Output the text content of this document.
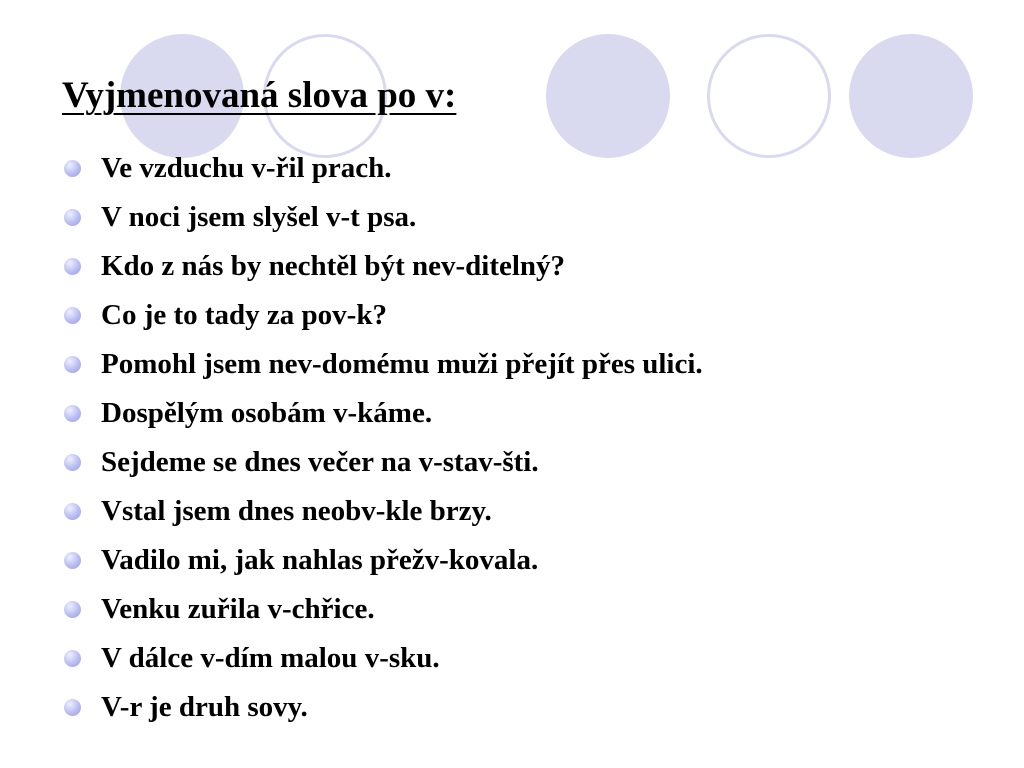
Vyjmenovaná slova po v:
Ve vzduchu v-řil prach.
V noci jsem slyšel v-t psa.
Kdo z nás by nechtěl být nev-ditelný?
Co je to tady za pov-k?
Pomohl jsem nev-domému muži přejít přes ulici.
Dospělým osobám v-káme.
Sejdeme se dnes večer na v-stav-šti.
Vstal jsem dnes neobv-kle brzy.
Vadilo mi, jak nahlas přežv-kovala.
Venku zuřila v-chřice.
V dálce v-dím malou v-sku.
V-r je druh sovy.
